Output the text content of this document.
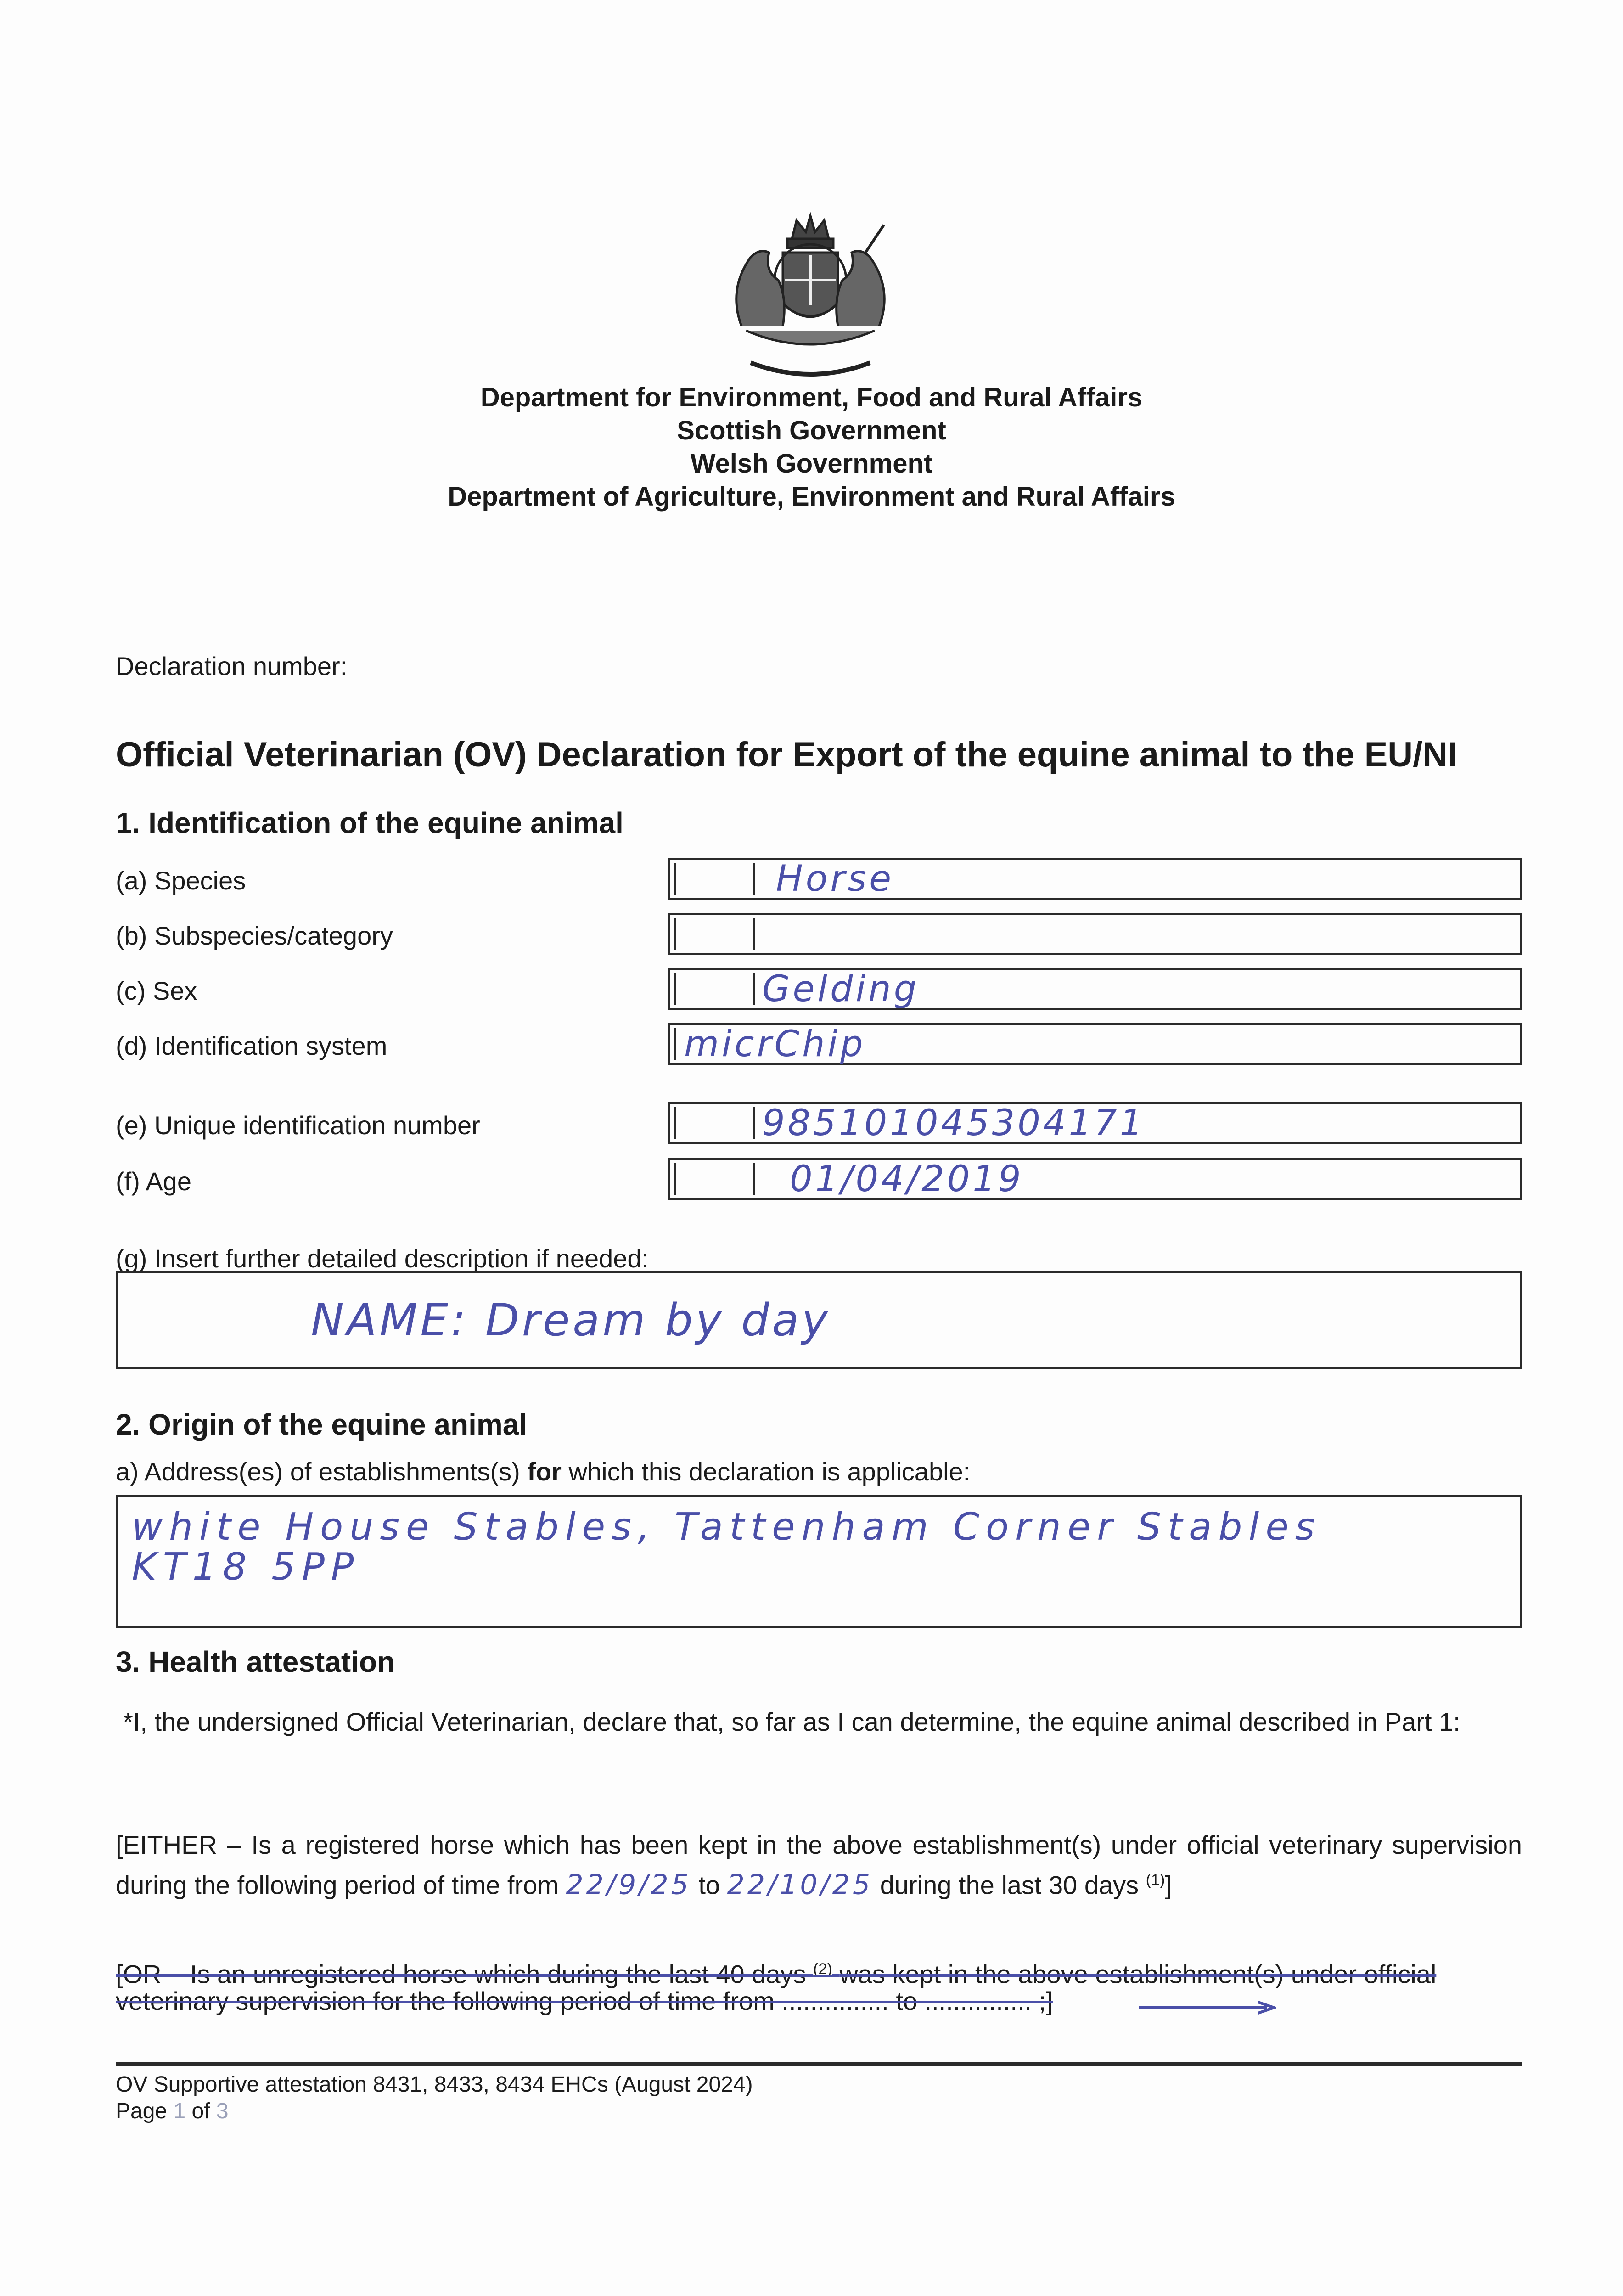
Department for Environment, Food and Rural Affairs
Scottish Government
Welsh Government
Department of Agriculture, Environment and Rural Affairs
Declaration number:
Official Veterinarian (OV) Declaration for Export of the equine animal to the EU/NI
1. Identification of the equine animal
(a) Species	Horse
(b) Subspecies/category
(c) Sex	Gelding
(d) Identification system	micrChip
(e) Unique identification number	985101045304171
(f) Age	01/04/2019
(g) Insert further detailed description if needed:
NAME: Dream by day
2. Origin of the equine animal
a) Address(es) of establishments(s) for which this declaration is applicable:
white House Stables, Tattenham Corner Stables
KT18 5PP
3. Health attestation
*I, the undersigned Official Veterinarian, declare that, so far as I can determine, the equine animal described in Part 1:
[EITHER – Is a registered horse which has been kept in the above establishment(s) under official veterinary supervision during the following period of time from 22/9/25 to 22/10/25 during the last 30 days $^{(1)}$]
[OR – Is an unregistered horse which during the last 40 days $^{(2)}$ was kept in the above establishment(s) under official
veterinary supervision for the following period of time from ............... to ............... ;]
OV Supportive attestation 8431, 8433, 8434 EHCs (August 2024)
Page 1 of 3
